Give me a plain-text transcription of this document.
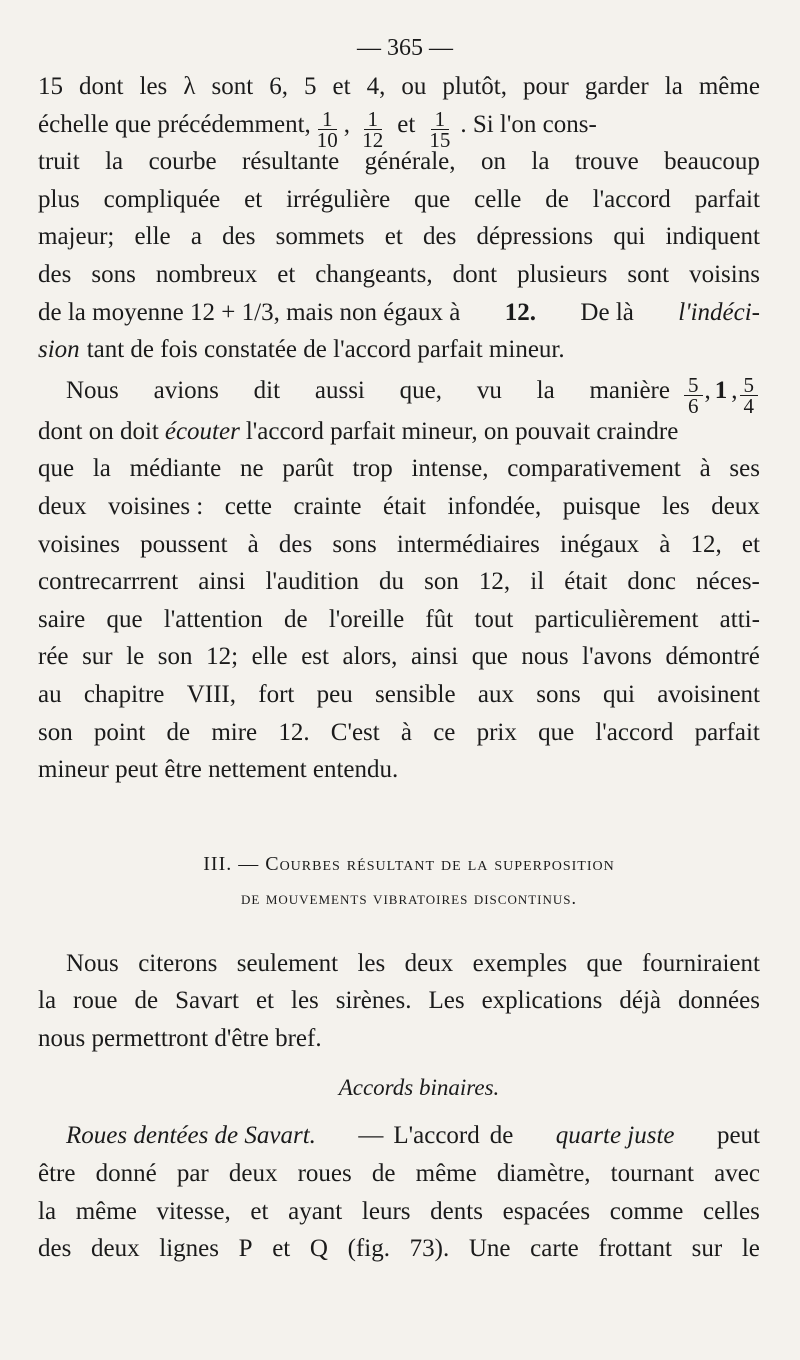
— 365 —
15 dont les λ sont 6, 5 et 4, ou plutôt, pour garder la même
échelle que précédemment, $\frac{1}{10}$ , $\frac{1}{12}$ et $\frac{1}{15}$ . Si l'on cons-
truit la courbe résultante générale, on la trouve beaucoup
plus compliquée et irrégulière que celle de l'accord parfait
majeur; elle a des sommets et des dépressions qui indiquent
des sons nombreux et changeants, dont plusieurs sont voisins
de la moyenne 12 + 1/3, mais non égaux à 12. De là l'indéci-
sion tant de fois constatée de l'accord parfait mineur.
Nous avions dit aussi que, vu la manière $\frac{5}{6}$ , 1 , $\frac{5}{4}$
dont on doit écouter l'accord parfait mineur, on pouvait craindre
que la médiante ne parût trop intense, comparativement à ses
deux voisines : cette crainte était infondée, puisque les deux
voisines poussent à des sons intermédiaires inégaux à 12, et
contrecarrrent ainsi l'audition du son 12, il était donc néces-
saire que l'attention de l'oreille fût tout particulièrement atti-
rée sur le son 12; elle est alors, ainsi que nous l'avons démontré
au chapitre VIII, fort peu sensible aux sons qui avoisinent
son point de mire 12. C'est à ce prix que l'accord parfait
mineur peut être nettement entendu.
III. — Courbes résultant de la superposition
de mouvements vibratoires discontinus.
Nous citerons seulement les deux exemples que fourniraient
la roue de Savart et les sirènes. Les explications déjà données
nous permettront d'être bref.
Accords binaires.
Roues dentées de Savart. — L'accord de quarte juste peut
être donné par deux roues de même diamètre, tournant avec
la même vitesse, et ayant leurs dents espacées comme celles
des deux lignes P et Q (fig. 73). Une carte frottant sur le
